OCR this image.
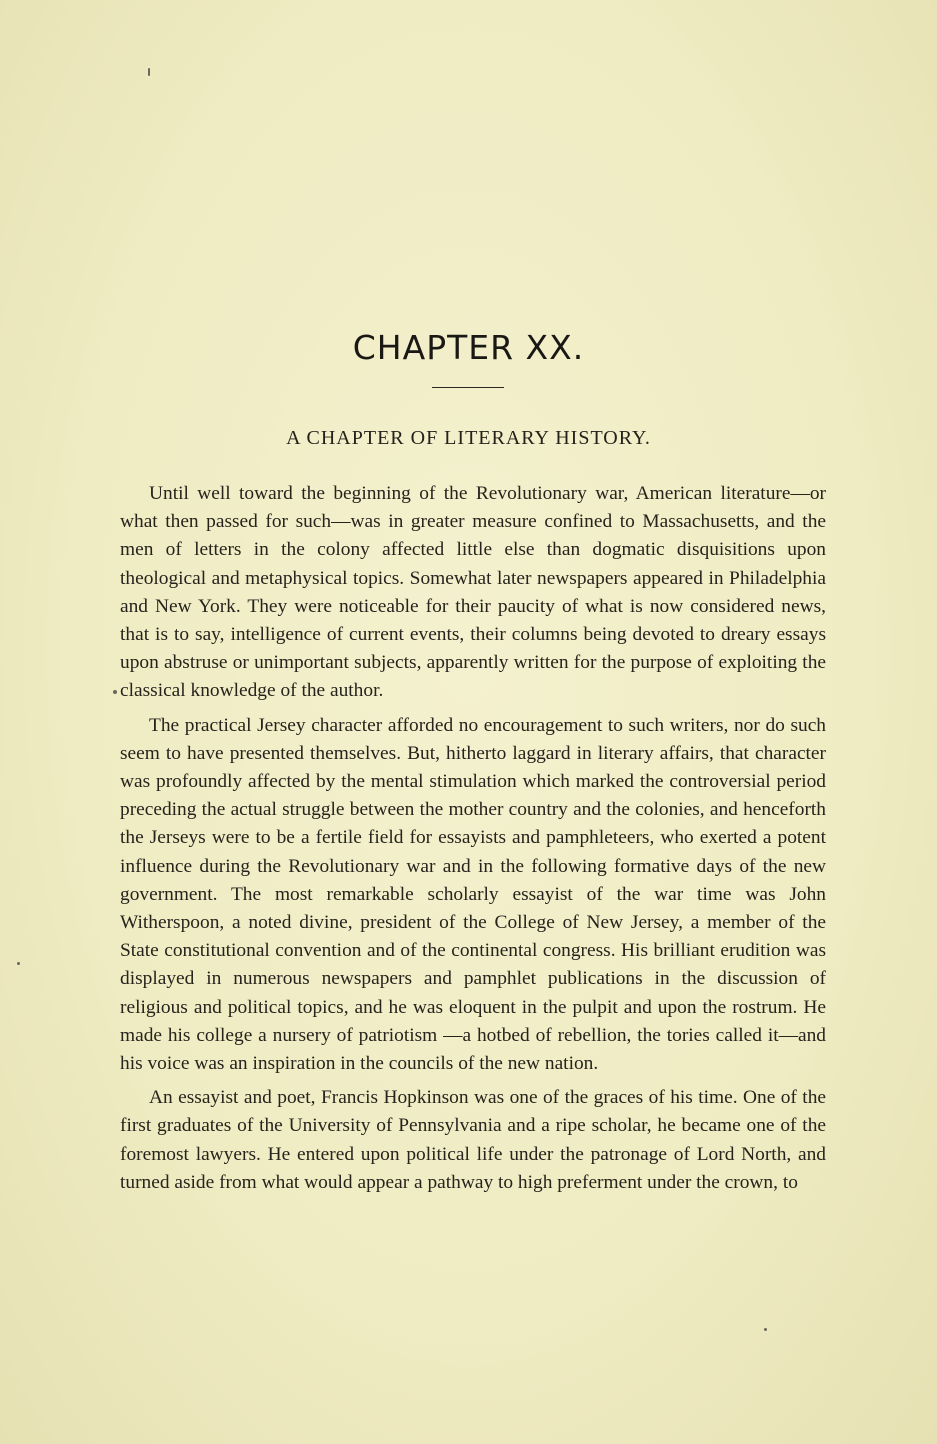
CHAPTER XX.
A CHAPTER OF LITERARY HISTORY.

Until well toward the beginning of the Revolutionary war, American literature—or what then passed for such—was in greater measure confined to Massachusetts, and the men of letters in the colony affected little else than dogmatic disquisitions upon theological and metaphysical topics. Somewhat later newspapers appeared in Philadelphia and New York. They were noticeable for their paucity of what is now considered news, that is to say, intelligence of current events, their columns being devoted to dreary essays upon abstruse or unimportant subjects, apparently written for the purpose of exploiting the classical knowledge of the author.

The practical Jersey character afforded no encouragement to such writers, nor do such seem to have presented themselves. But, hitherto laggard in literary affairs, that character was profoundly affected by the mental stimulation which marked the controversial period preceding the actual struggle between the mother country and the colonies, and henceforth the Jerseys were to be a fertile field for essayists and pamphleteers, who exerted a potent influence during the Revolutionary war and in the following formative days of the new government. The most remarkable scholarly essayist of the war time was John Witherspoon, a noted divine, president of the College of New Jersey, a member of the State constitutional convention and of the continental congress. His brilliant erudition was displayed in numerous newspapers and pamphlet publications in the discussion of religious and political topics, and he was eloquent in the pulpit and upon the rostrum. He made his college a nursery of patriotism —a hotbed of rebellion, the tories called it—and his voice was an inspiration in the councils of the new nation.

An essayist and poet, Francis Hopkinson was one of the graces of his time. One of the first graduates of the University of Pennsylvania and a ripe scholar, he became one of the foremost lawyers. He entered upon political life under the patronage of Lord North, and turned aside from what would appear a pathway to high preferment under the crown, to
